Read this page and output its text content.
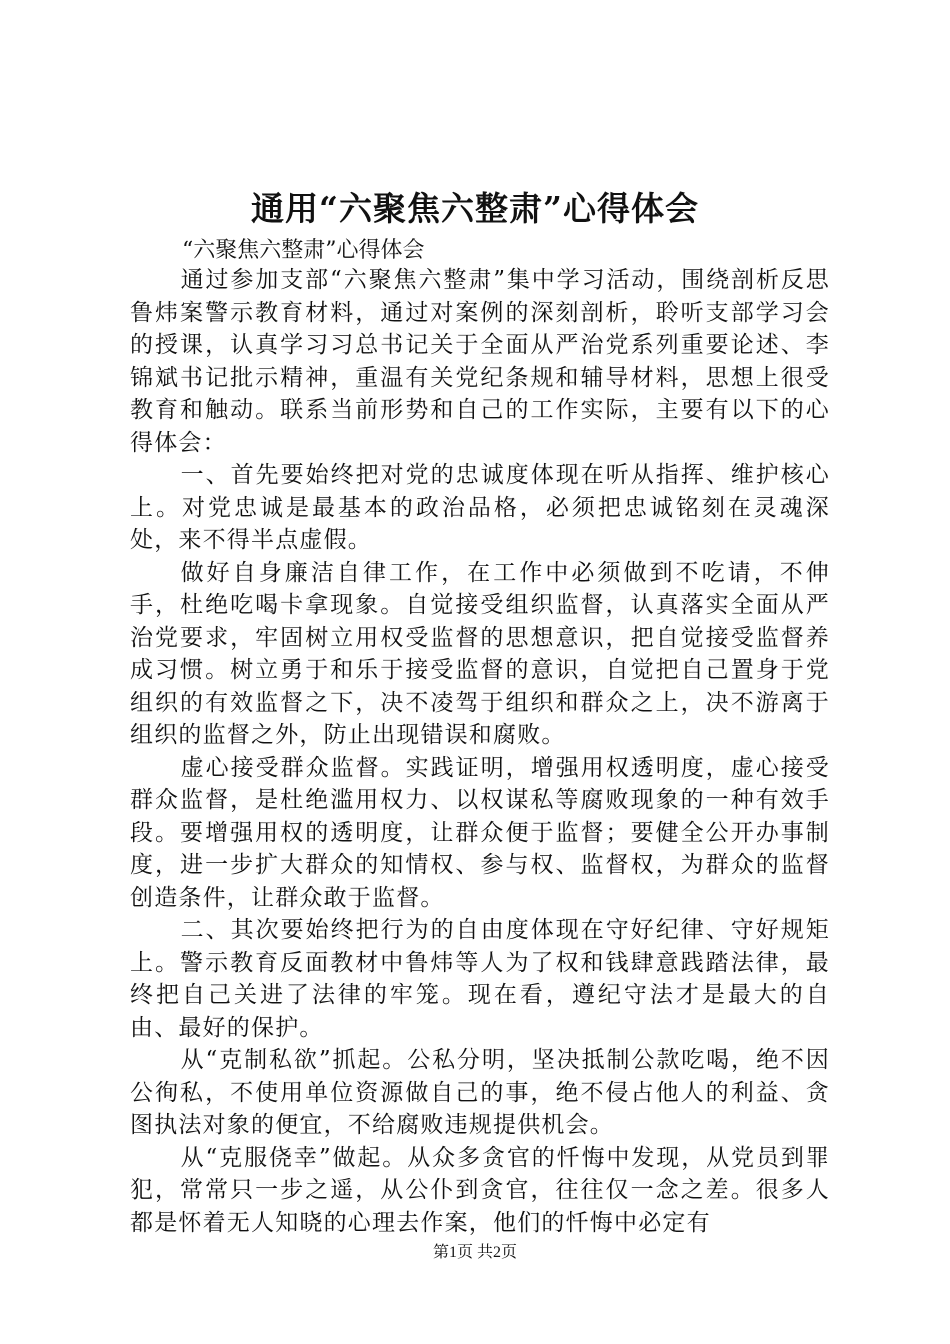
通用“六聚焦六整肃”心得体会
“六聚焦六整肃”心得体会

通过参加支部“六聚焦六整肃”集中学习活动，围绕剖析反思鲁炜案警示教育材料，通过对案例的深刻剖析，聆听支部学习会的授课，认真学习习总书记关于全面从严治党系列重要论述、李锦斌书记批示精神，重温有关党纪条规和辅导材料，思想上很受教育和触动。联系当前形势和自己的工作实际，主要有以下的心得体会：

一、首先要始终把对党的忠诚度体现在听从指挥、维护核心上。对党忠诚是最基本的政治品格，必须把忠诚铭刻在灵魂深处，来不得半点虚假。

做好自身廉洁自律工作，在工作中必须做到不吃请，不伸手，杜绝吃喝卡拿现象。自觉接受组织监督，认真落实全面从严治党要求，牢固树立用权受监督的思想意识，把自觉接受监督养成习惯。树立勇于和乐于接受监督的意识，自觉把自己置身于党组织的有效监督之下，决不凌驾于组织和群众之上，决不游离于组织的监督之外，防止出现错误和腐败。

虚心接受群众监督。实践证明，增强用权透明度，虚心接受群众监督，是杜绝滥用权力、以权谋私等腐败现象的一种有效手段。要增强用权的透明度，让群众便于监督；要健全公开办事制度，进一步扩大群众的知情权、参与权、监督权，为群众的监督创造条件，让群众敢于监督。

二、其次要始终把行为的自由度体现在守好纪律、守好规矩上。警示教育反面教材中鲁炜等人为了权和钱肆意践踏法律，最终把自己关进了法律的牢笼。现在看，遵纪守法才是最大的自由、最好的保护。

从“克制私欲”抓起。公私分明，坚决抵制公款吃喝，绝不因公徇私，不使用单位资源做自己的事，绝不侵占他人的利益、贪图执法对象的便宜，不给腐败违规提供机会。

从“克服侥幸”做起。从众多贪官的忏悔中发现，从党员到罪犯，常常只一步之遥，从公仆到贪官，往往仅一念之差。很多人都是怀着无人知晓的心理去作案，他们的忏悔中必定有

第1页 共2页
